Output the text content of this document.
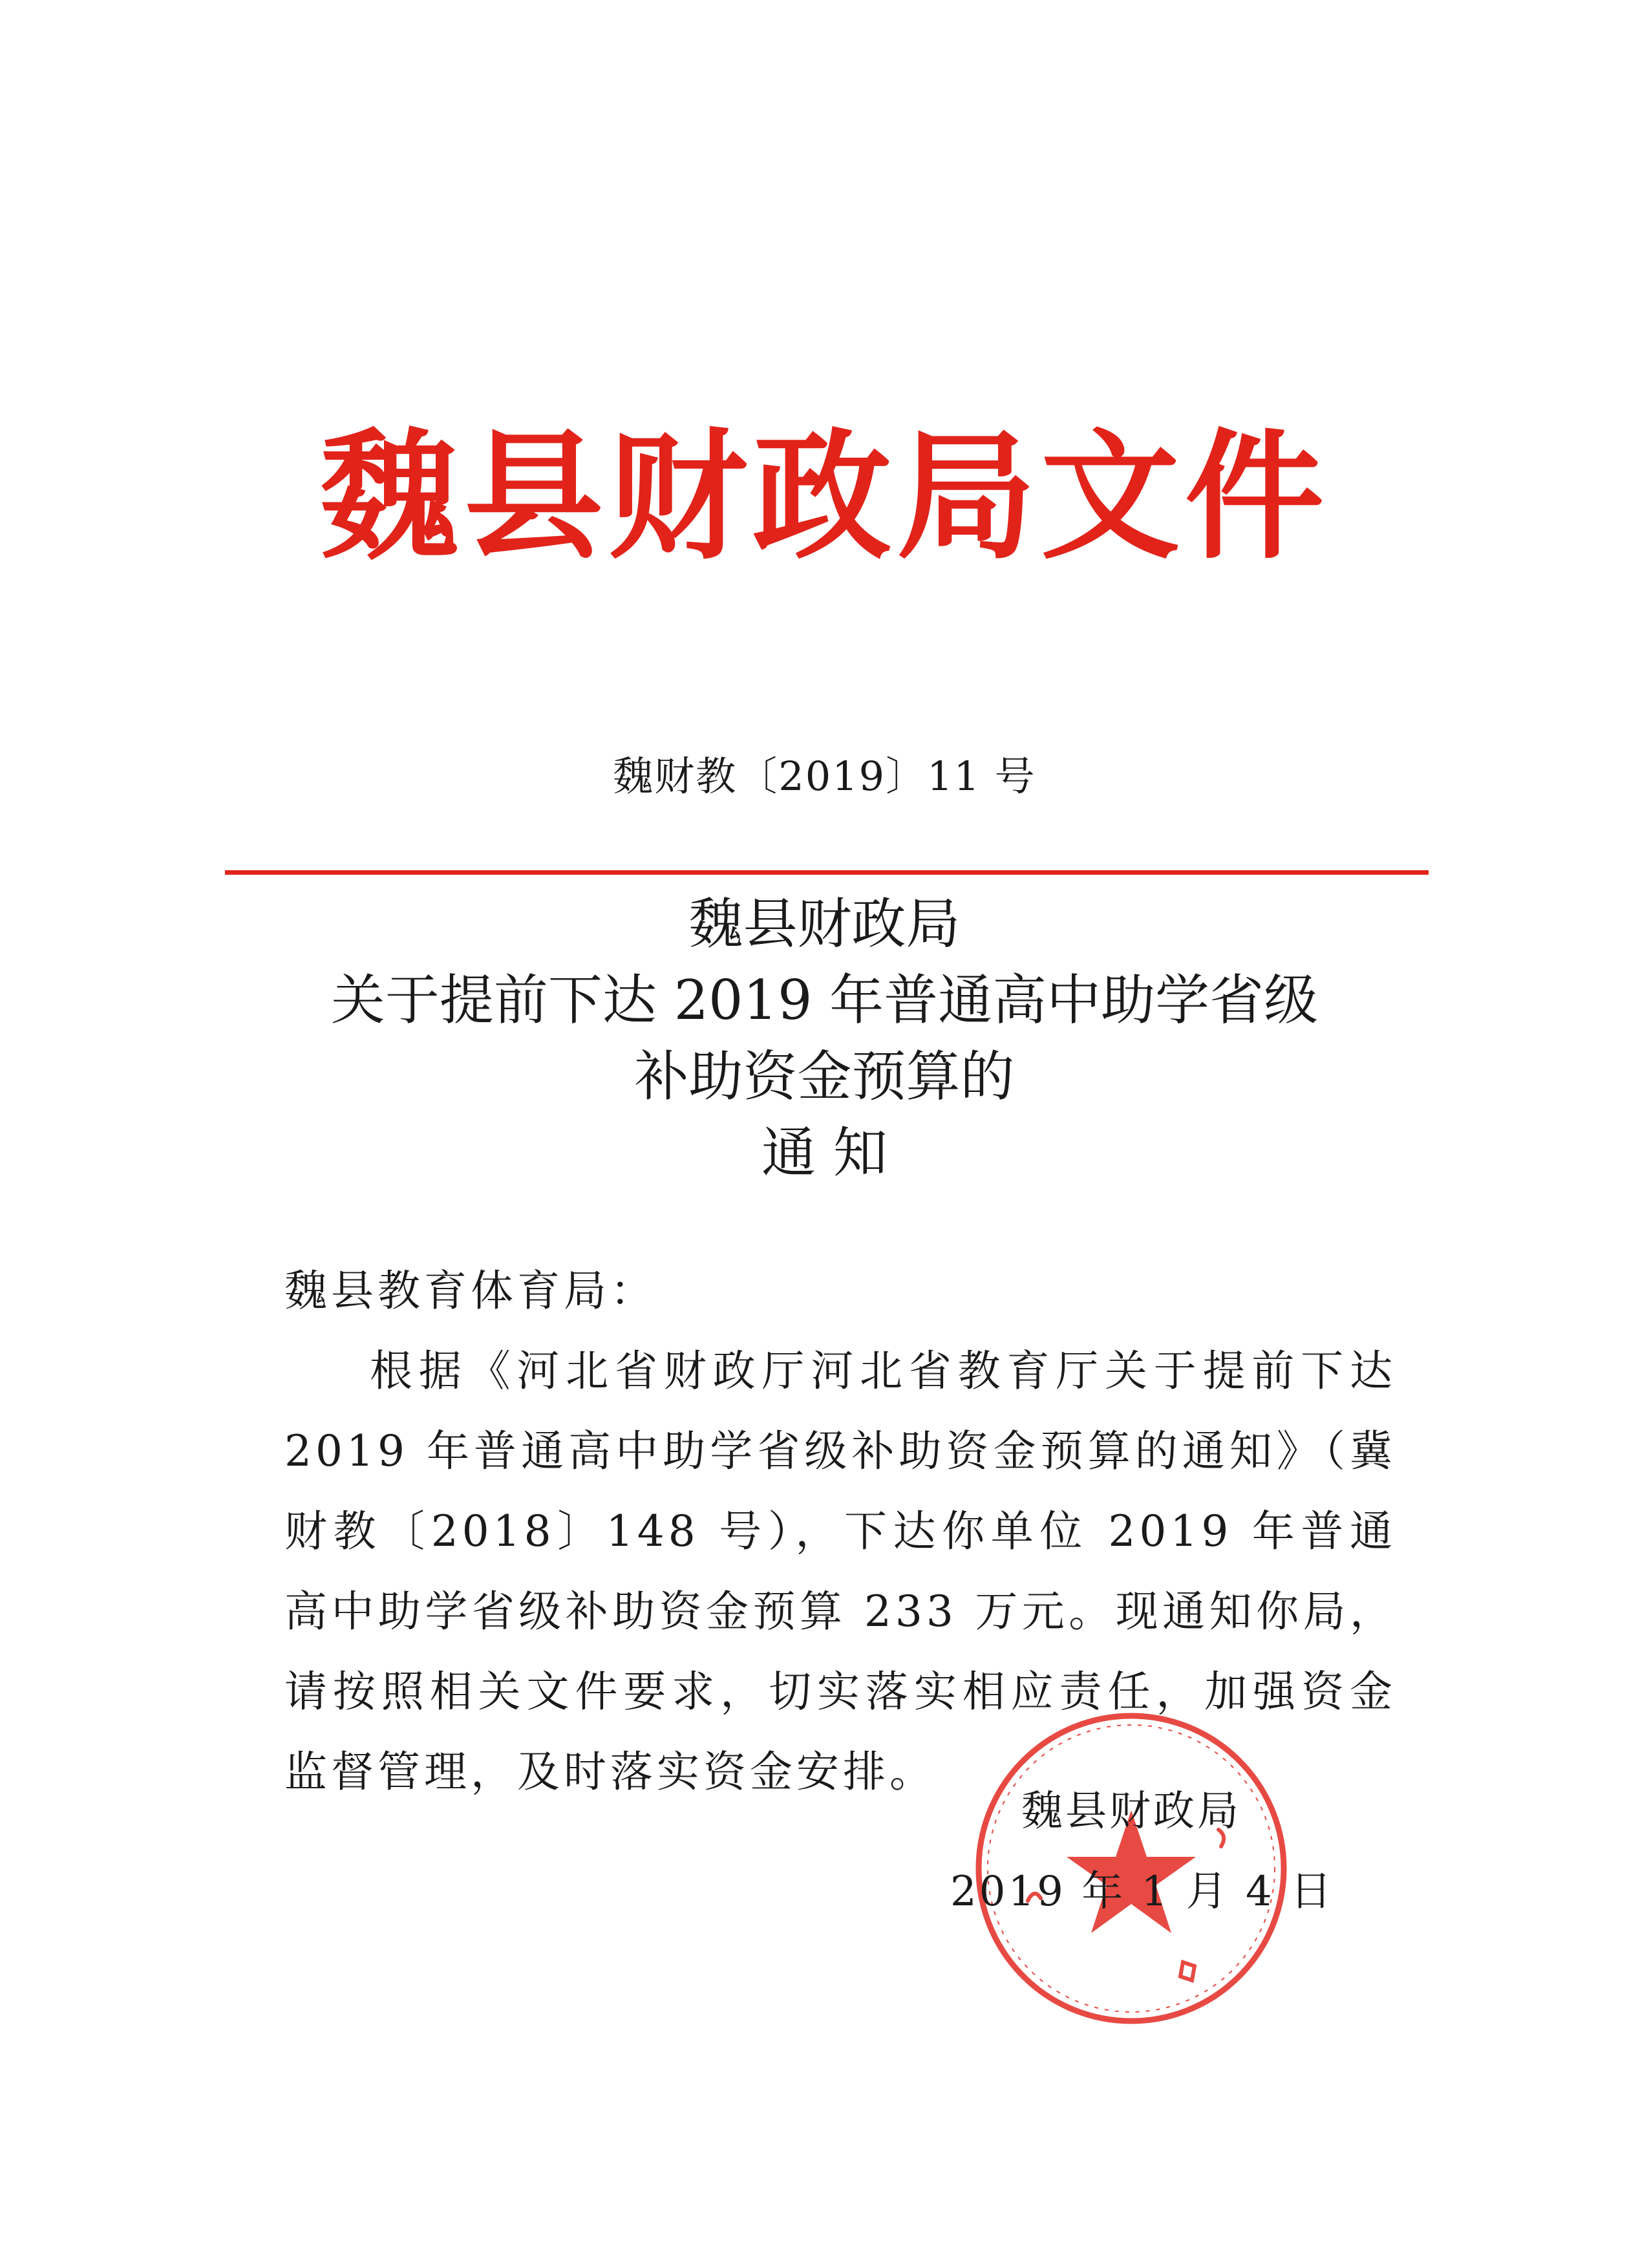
魏县财政局文件
魏财教〔2019〕11 号
魏县财政局
关于提前下达 2019 年普通高中助学省级
补助资金预算的
通 知
魏县教育体育局：
根据《河北省财政厅河北省教育厅关于提前下达 2019 年普通高中助学省级补助资金预算的通知》（冀财教〔2018〕148 号），下达你单位 2019 年普通高中助学省级补助资金预算 233 万元。现通知你局，请按照相关文件要求，切实落实相应责任，加强资金监督管理，及时落实资金安排。
魏县财政局
2019 年 1 月 4 日
